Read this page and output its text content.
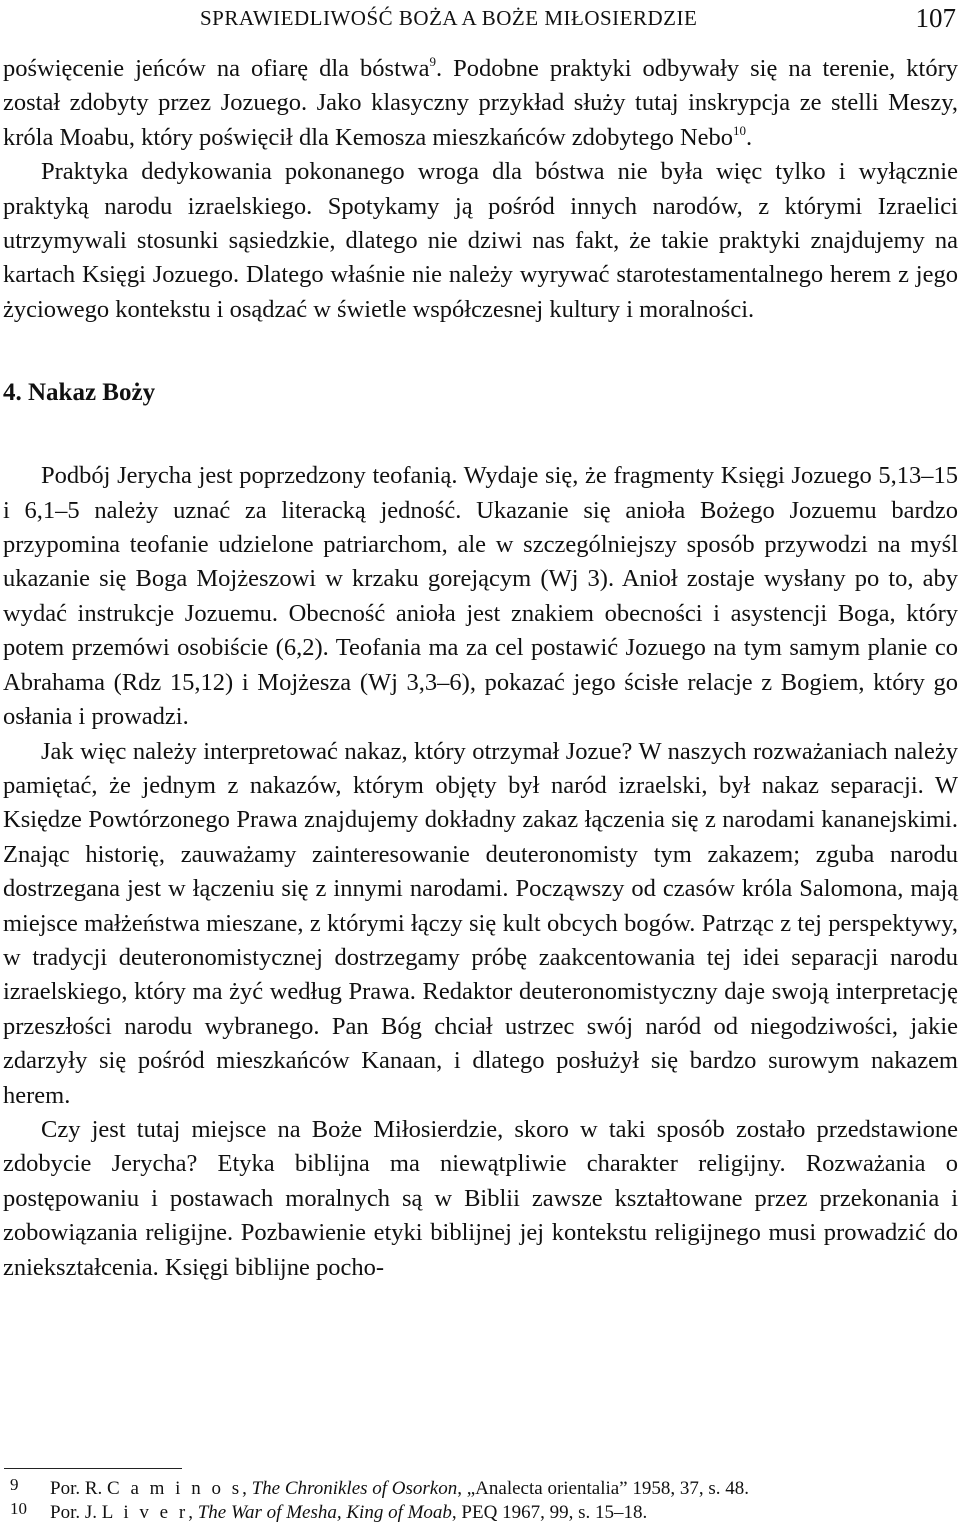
SPRAWIEDLIWOŚĆ BOŻA A BOŻE MIŁOSIERDZIE	107

poświęcenie jeńców na ofiarę dla bóstwa$^9$. Podobne praktyki odbywały się na terenie, który został zdobyty przez Jozuego. Jako klasyczny przykład służy tutaj inskrypcja ze stelli Meszy, króla Moabu, który poświęcił dla Kemosza mieszkańców zdobytego Nebo$^{10}$.

Praktyka dedykowania pokonanego wroga dla bóstwa nie była więc tylko i wyłącznie praktyką narodu izraelskiego. Spotykamy ją pośród innych narodów, z którymi Izraelici utrzymywali stosunki sąsiedzkie, dlatego nie dziwi nas fakt, że takie praktyki znajdujemy na kartach Księgi Jozuego. Dlatego właśnie nie należy wyrywać starotestamentalnego herem z jego życiowego kontekstu i osądzać w świetle współczesnej kultury i moralności.

4. Nakaz Boży

Podbój Jerycha jest poprzedzony teofanią. Wydaje się, że fragmenty Księgi Jozuego 5,13–15 i 6,1–5 należy uznać za literacką jedność. Ukazanie się anioła Bożego Jozuemu bardzo przypomina teofanie udzielone patriarchom, ale w szczególniejszy sposób przywodzi na myśl ukazanie się Boga Mojżeszowi w krzaku gorejącym (Wj 3). Anioł zostaje wysłany po to, aby wydać instrukcje Jozuemu. Obecność anioła jest znakiem obecności i asystencji Boga, który potem przemówi osobiście (6,2). Teofania ma za cel postawić Jozuego na tym samym planie co Abrahama (Rdz 15,12) i Mojżesza (Wj 3,3–6), pokazać jego ścisłe relacje z Bogiem, który go osłania i prowadzi.

Jak więc należy interpretować nakaz, który otrzymał Jozue? W naszych rozważaniach należy pamiętać, że jednym z nakazów, którym objęty był naród izraelski, był nakaz separacji. W Księdze Powtórzonego Prawa znajdujemy dokładny zakaz łączenia się z narodami kananejskimi. Znając historię, zauważamy zainteresowanie deuteronomisty tym zakazem; zguba narodu dostrzegana jest w łączeniu się z innymi narodami. Począwszy od czasów króla Salomona, mają miejsce małżeństwa mieszane, z którymi łączy się kult obcych bogów. Patrząc z tej perspektywy, w tradycji deuteronomistycznej dostrzegamy próbę zaakcentowania tej idei separacji narodu izraelskiego, który ma żyć według Prawa. Redaktor deuteronomistyczny daje swoją interpretację przeszłości narodu wybranego. Pan Bóg chciał ustrzec swój naród od niegodziwości, jakie zdarzyły się pośród mieszkańców Kanaan, i dlatego posłużył się bardzo surowym nakazem herem.

Czy jest tutaj miejsce na Boże Miłosierdzie, skoro w taki sposób zostało przedstawione zdobycie Jerycha? Etyka biblijna ma niewątpliwie charakter religijny. Rozważania o postępowaniu i postawach moralnych są w Biblii zawsze kształtowane przez przekonania i zobowiązania religijne. Pozbawienie etyki biblijnej jej kontekstu religijnego musi prowadzić do zniekształcenia. Księgi biblijne pocho-

9	Por. R. C a m i n o s, The Chronikles of Osorkon, „Analecta orientalia” 1958, 37, s. 48.
10	Por. J. L i v e r, The War of Mesha, King of Moab, PEQ 1967, 99, s. 15–18.
